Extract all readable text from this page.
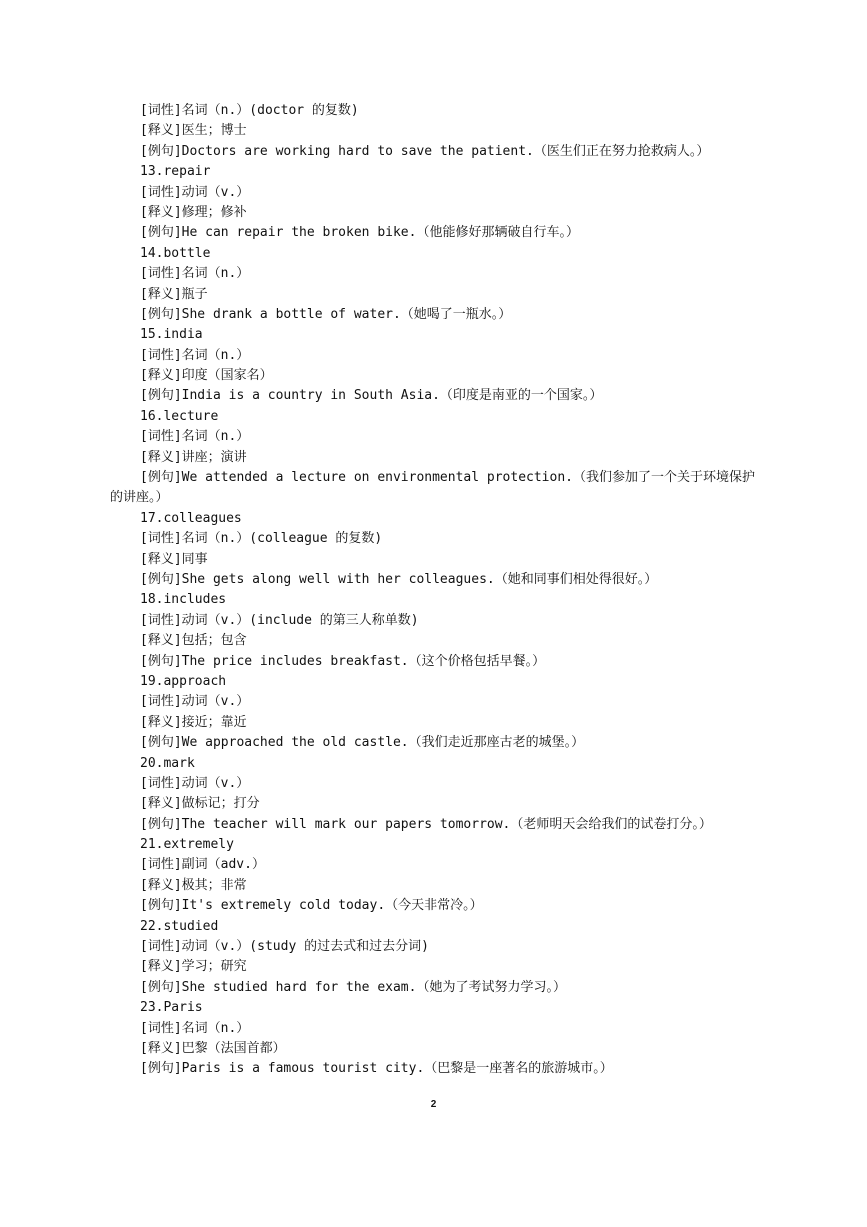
[词性]名词（n.）(doctor 的复数)
[释义]医生；博士
[例句]Doctors are working hard to save the patient.（医生们正在努力抢救病人。）
13.repair
[词性]动词（v.）
[释义]修理；修补
[例句]He can repair the broken bike.（他能修好那辆破自行车。）
14.bottle
[词性]名词（n.）
[释义]瓶子
[例句]She drank a bottle of water.（她喝了一瓶水。）
15.india
[词性]名词（n.）
[释义]印度（国家名）
[例句]India is a country in South Asia.（印度是南亚的一个国家。）
16.lecture
[词性]名词（n.）
[释义]讲座；演讲
[例句]We attended a lecture on environmental protection.（我们参加了一个关于环境保护
的讲座。）
17.colleagues
[词性]名词（n.）(colleague 的复数)
[释义]同事
[例句]She gets along well with her colleagues.（她和同事们相处得很好。）
18.includes
[词性]动词（v.）(include 的第三人称单数)
[释义]包括；包含
[例句]The price includes breakfast.（这个价格包括早餐。）
19.approach
[词性]动词（v.）
[释义]接近；靠近
[例句]We approached the old castle.（我们走近那座古老的城堡。）
20.mark
[词性]动词（v.）
[释义]做标记；打分
[例句]The teacher will mark our papers tomorrow.（老师明天会给我们的试卷打分。）
21.extremely
[词性]副词（adv.）
[释义]极其；非常
[例句]It's extremely cold today.（今天非常冷。）
22.studied
[词性]动词（v.）(study 的过去式和过去分词)
[释义]学习；研究
[例句]She studied hard for the exam.（她为了考试努力学习。）
23.Paris
[词性]名词（n.）
[释义]巴黎（法国首都）
[例句]Paris is a famous tourist city.（巴黎是一座著名的旅游城市。）
2
